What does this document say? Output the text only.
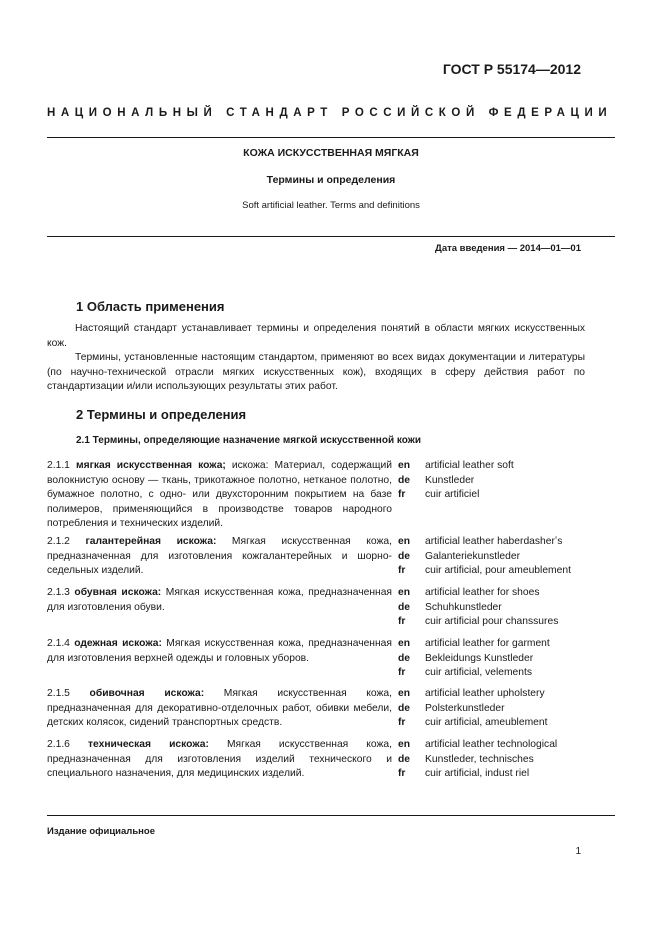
ГОСТ Р 55174—2012
НАЦИОНАЛЬНЫЙ СТАНДАРТ РОССИЙСКОЙ ФЕДЕРАЦИИ
КОЖА ИСКУССТВЕННАЯ МЯГКАЯ
Термины и определения
Soft artificial leather. Terms and definitions
Дата введения — 2014—01—01
1 Область применения

Настоящий стандарт устанавливает термины и определения понятий в области мягких искусственных кож.

Термины, установленные настоящим стандартом, применяют во всех видах документации и литературы (по научно-технической отрасли мягких искусственных кож), входящих в сферу действия работ по стандартизации и/или использующих результаты этих работ.

2 Термины и определения
2.1 Термины, определяющие назначение мягкой искусственной кожи
2.1.1 мягкая искусственная кожа; искожа: Материал, содержащий волокнистую основу — ткань, трикотажное полотно, нетканое полотно, бумажное полотно, с одно- или двухсторонним покрытием на базе полимеров, применяющийся в производстве товаров народного потребления и технических изделий.
en	artificial leather soft
de	Kunstleder
fr	cuir artificiel
2.1.2 галантерейная искожа: Мягкая искусственная кожа, предназначенная для изготовления кожгалантерейных и шорно-седельных изделий.
en	artificial leather haberdasherʽs
de	Galanteriekunstleder
fr	cuir artificial, pour ameublement
2.1.3 обувная искожа: Мягкая искусственная кожа, предназначенная для изготовления обуви.
en	artificial leather for shoes
de	Schuhkunstleder
fr	cuir artificial pour chanssures
2.1.4 одежная искожа: Мягкая искусственная кожа, предназначенная для изготовления верхней одежды и головных уборов.
en	artificial leather for garment
de	Bekleidungs Kunstleder
fr	cuir artificial, velements
2.1.5 обивочная искожа: Мягкая искусственная кожа, предназначенная для декоративно-отделочных работ, обивки мебели, детских колясок, сидений транспортных средств.
en	artificial leather upholstery
de	Polsterkunstleder
fr	cuir artificial, ameublement
2.1.6 техническая искожа: Мягкая искусственная кожа, предназначенная для изготовления изделий технического и специального назначения, для медицинских изделий.
en	artificial leather technological
de	Kunstleder, technisches
fr	cuir artificial, indust riel
Издание официальное
1
